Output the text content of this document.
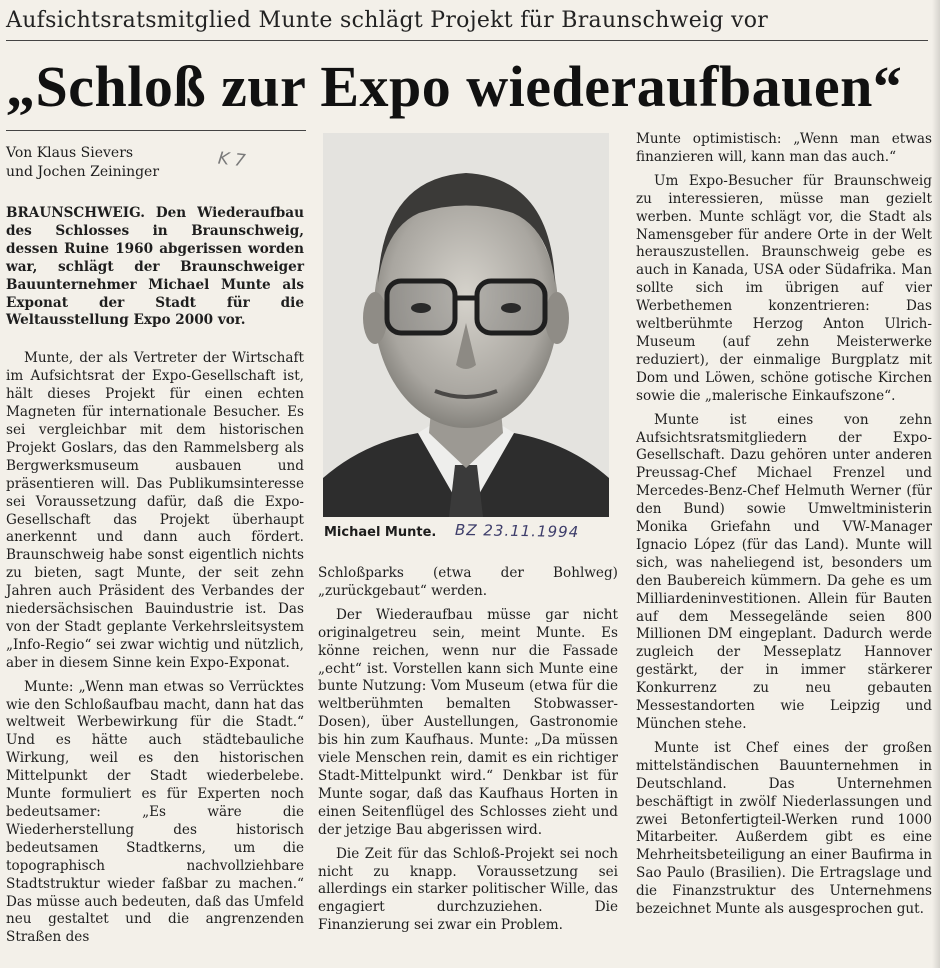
Aufsichtsratsmitglied Munte schlägt Projekt für Braunschweig vor
„Schloß zur Expo wiederaufbauen“
Von Klaus Sievers
und Jochen Zeininger
K 7

BRAUNSCHWEIG. Den Wiederaufbau des Schlosses in Braunschweig, dessen Ruine 1960 abgerissen worden war, schlägt der Braunschweiger Bauunternehmer Michael Munte als Exponat der Stadt für die Weltausstellung Expo 2000 vor.

Munte, der als Vertreter der Wirtschaft im Aufsichtsrat der Expo-Gesellschaft ist, hält dieses Projekt für einen echten Magneten für internationale Besucher. Es sei vergleichbar mit dem historischen Projekt Goslars, das den Rammelsberg als Bergwerksmuseum ausbauen und präsentieren will. Das Publikumsinteresse sei Voraussetzung dafür, daß die Expo-Gesellschaft das Projekt überhaupt anerkennt und dann auch fördert. Braunschweig habe sonst eigentlich nichts zu bieten, sagt Munte, der seit zehn Jahren auch Präsident des Verbandes der niedersächsischen Bauindustrie ist. Das von der Stadt geplante Verkehrsleitsystem „Info-Regio“ sei zwar wichtig und nützlich, aber in diesem Sinne kein Expo-Exponat.

Munte: „Wenn man etwas so Verrücktes wie den Schloßaufbau macht, dann hat das weltweit Werbewirkung für die Stadt.“ Und es hätte auch städtebauliche Wirkung, weil es den historischen Mittelpunkt der Stadt wiederbelebe. Munte formuliert es für Experten noch bedeutsamer: „Es wäre die Wiederherstellung des historisch bedeutsamen Stadtkerns, um die topographisch nachvollziehbare Stadtstruktur wieder faßbar zu machen.“ Das müsse auch bedeuten, daß das Umfeld neu gestaltet und die angrenzenden Straßen des

Michael Munte.	BZ 23.11.1994

Schloßparks (etwa der Bohlweg) „zurückgebaut“ werden.

Der Wiederaufbau müsse gar nicht originalgetreu sein, meint Munte. Es könne reichen, wenn nur die Fassade „echt“ ist. Vorstellen kann sich Munte eine bunte Nutzung: Vom Museum (etwa für die weltberühmten bemalten Stobwasser-Dosen), über Austellungen, Gastronomie bis hin zum Kaufhaus. Munte: „Da müssen viele Menschen rein, damit es ein richtiger Stadt-Mittelpunkt wird.“ Denkbar ist für Munte sogar, daß das Kaufhaus Horten in einen Seitenflügel des Schlosses zieht und der jetzige Bau abgerissen wird.

Die Zeit für das Schloß-Projekt sei noch nicht zu knapp. Voraussetzung sei allerdings ein starker politischer Wille, das engagiert durchzuziehen. Die Finanzierung sei zwar ein Problem.

Munte optimistisch: „Wenn man etwas finanzieren will, kann man das auch.“

Um Expo-Besucher für Braunschweig zu interessieren, müsse man gezielt werben. Munte schlägt vor, die Stadt als Namensgeber für andere Orte in der Welt herauszustellen. Braunschweig gebe es auch in Kanada, USA oder Südafrika. Man sollte sich im übrigen auf vier Werbethemen konzentrieren: Das weltberühmte Herzog Anton Ulrich-Museum (auf zehn Meisterwerke reduziert), der einmalige Burgplatz mit Dom und Löwen, schöne gotische Kirchen sowie die „malerische Einkaufszone“.

Munte ist eines von zehn Aufsichtsratsmitgliedern der Expo-Gesellschaft. Dazu gehören unter anderen Preussag-Chef Michael Frenzel und Mercedes-Benz-Chef Helmuth Werner (für den Bund) sowie Umweltministerin Monika Griefahn und VW-Manager Ignacio López (für das Land). Munte will sich, was naheliegend ist, besonders um den Baubereich kümmern. Da gehe es um Milliardeninvestitionen. Allein für Bauten auf dem Messegelände seien 800 Millionen DM eingeplant. Dadurch werde zugleich der Messeplatz Hannover gestärkt, der in immer stärkerer Konkurrenz zu neu gebauten Messestandorten wie Leipzig und München stehe.

Munte ist Chef eines der großen mittelständischen Bauunternehmen in Deutschland. Das Unternehmen beschäftigt in zwölf Niederlassungen und zwei Betonfertigteil-Werken rund 1000 Mitarbeiter. Außerdem gibt es eine Mehrheitsbeteiligung an einer Baufirma in Sao Paulo (Brasilien). Die Ertragslage und die Finanzstruktur des Unternehmens bezeichnet Munte als ausgesprochen gut.
